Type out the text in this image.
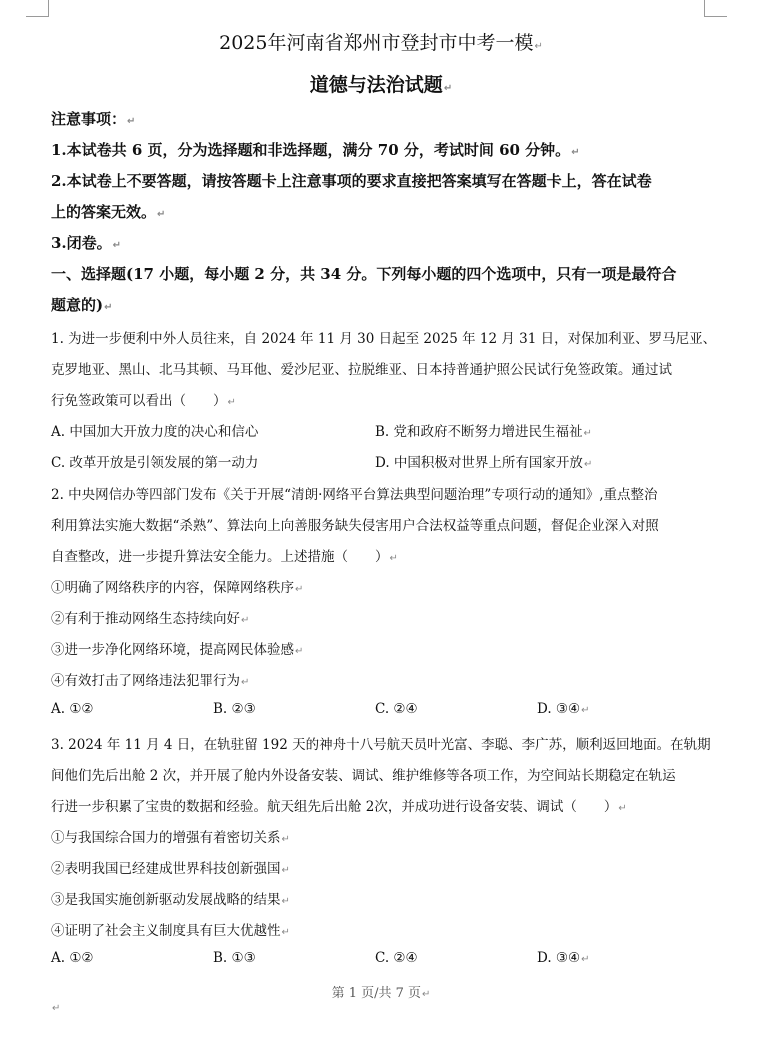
2025年河南省郑州市登封市中考一模↵
道德与法治试题↵
注意事项：↵
1.本试卷共 6 页，分为选择题和非选择题，满分 70 分，考试时间 60 分钟。↵
2.本试卷上不要答题，请按答题卡上注意事项的要求直接把答案填写在答题卡上，答在试卷
上的答案无效。↵
3.闭卷。↵
一、选择题(17 小题，每小题 2 分，共 34 分。下列每小题的四个选项中，只有一项是最符合
题意的)↵
1. 为进一步便利中外人员往来，自 2024 年 11 月 30 日起至 2025 年 12 月 31 日，对保加利亚、罗马尼亚、
克罗地亚、黑山、北马其顿、马耳他、爱沙尼亚、拉脱维亚、日本持普通护照公民试行免签政策。通过试
行免签政策可以看出（　　）↵
A. 中国加大开放力度的决心和信心	B. 党和政府不断努力增进民生福祉↵
C. 改革开放是引领发展的第一动力	D. 中国积极对世界上所有国家开放↵
2. 中央网信办等四部门发布《关于开展“清朗·网络平台算法典型问题治理”专项行动的通知》,重点整治
利用算法实施大数据“杀熟”、算法向上向善服务缺失侵害用户合法权益等重点问题，督促企业深入对照
自查整改，进一步提升算法安全能力。上述措施（　　）↵
①明确了网络秩序的内容，保障网络秩序↵
②有利于推动网络生态持续向好↵
③进一步净化网络环境，提高网民体验感↵
④有效打击了网络违法犯罪行为↵
A. ①②	B. ②③	C. ②④	D. ③④↵
3. 2024 年 11 月 4 日，在轨驻留 192 天的神舟十八号航天员叶光富、李聪、李广苏，顺利返回地面。在轨期
间他们先后出舱 2 次，并开展了舱内外设备安装、调试、维护维修等各项工作，为空间站长期稳定在轨运
行进一步积累了宝贵的数据和经验。航天组先后出舱 2次，并成功进行设备安装、调试（　　）↵
①与我国综合国力的增强有着密切关系↵
②表明我国已经建成世界科技创新强国↵
③是我国实施创新驱动发展战略的结果↵
④证明了社会主义制度具有巨大优越性↵
A. ①②	B. ①③	C. ②④	D. ③④↵
第 1 页/共 7 页↵
↵
